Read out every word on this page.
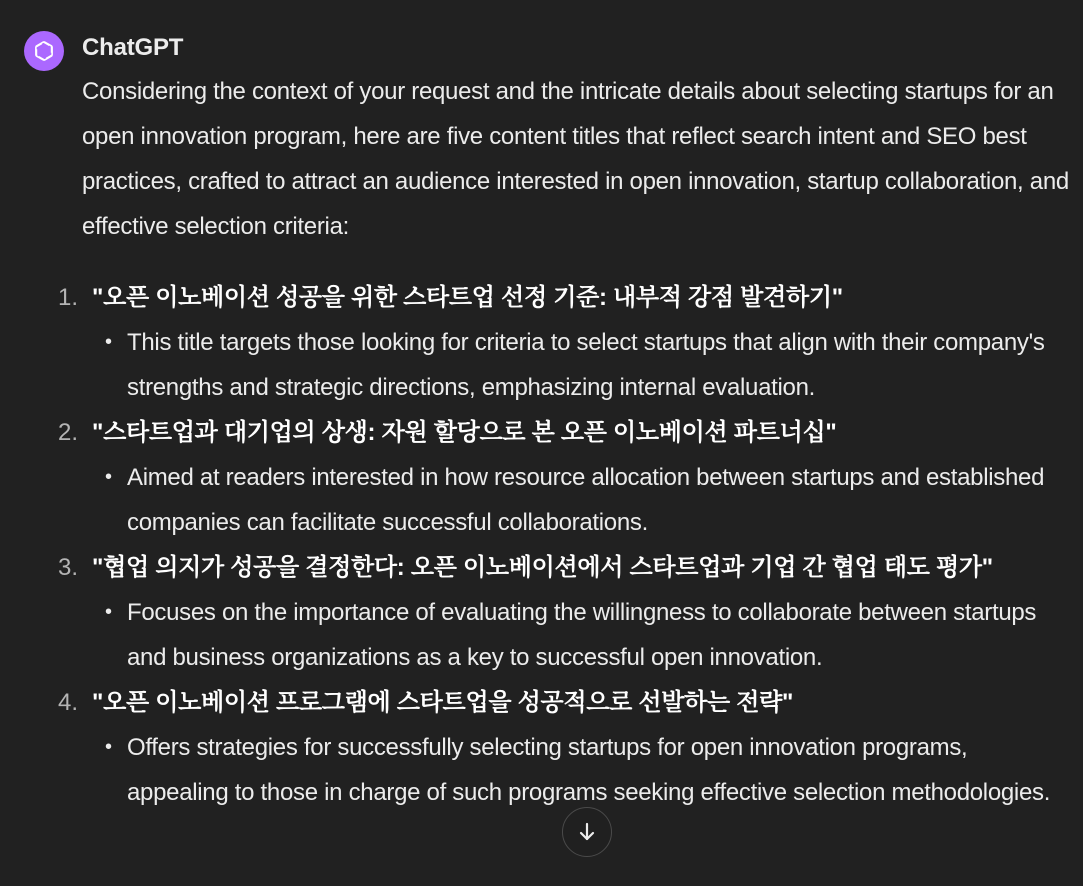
ChatGPT

Considering the context of your request and the intricate details about selecting startups for an open innovation program, here are five content titles that reflect search intent and SEO best practices, crafted to attract an audience interested in open innovation, startup collaboration, and effective selection criteria:

1. "오픈 이노베이션 성공을 위한 스타트업 선정 기준: 내부적 강점 발견하기"
• This title targets those looking for criteria to select startups that align with their company's strengths and strategic directions, emphasizing internal evaluation.
2. "스타트업과 대기업의 상생: 자원 할당으로 본 오픈 이노베이션 파트너십"
• Aimed at readers interested in how resource allocation between startups and established companies can facilitate successful collaborations.
3. "협업 의지가 성공을 결정한다: 오픈 이노베이션에서 스타트업과 기업 간 협업 태도 평가"
• Focuses on the importance of evaluating the willingness to collaborate between startups and business organizations as a key to successful open innovation.
4. "오픈 이노베이션 프로그램에 스타트업을 성공적으로 선발하는 전략"
• Offers strategies for successfully selecting startups for open innovation programs, appealing to those in charge of such programs seeking effective selection methodologies.
